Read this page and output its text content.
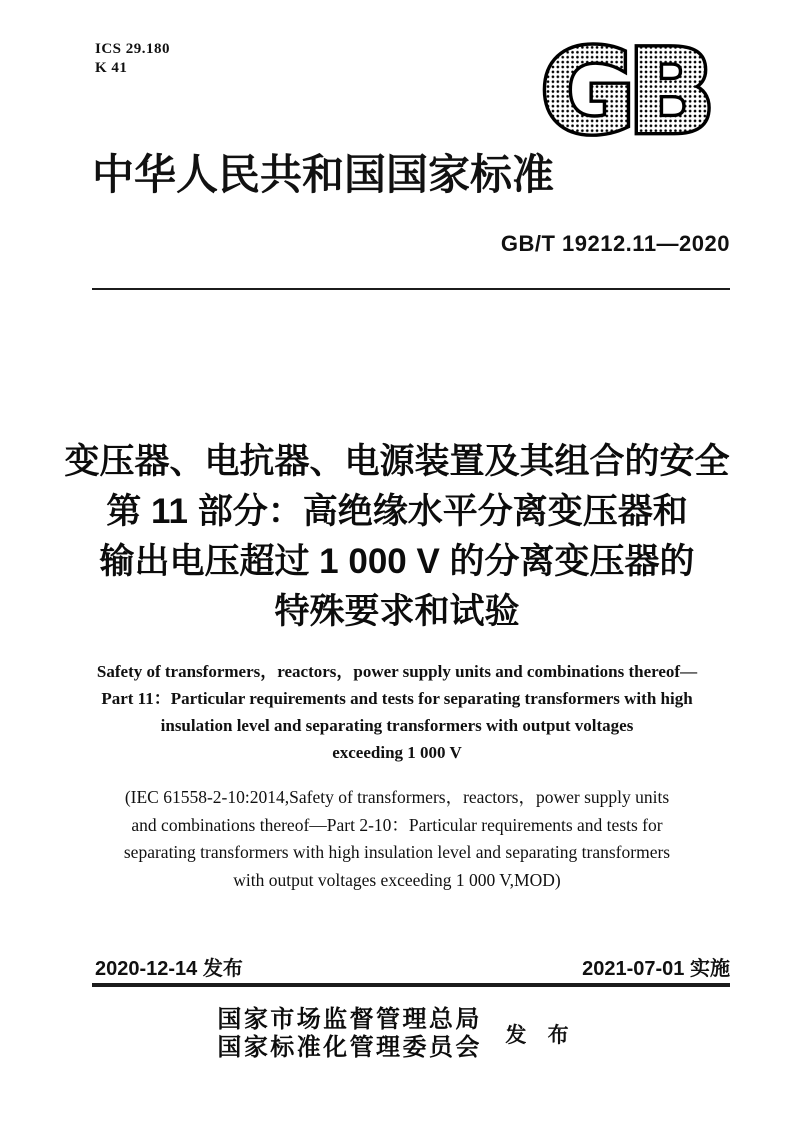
ICS 29.180
K 41	GB
中华人民共和国国家标准
GB/T 19212.11—2020
变压器、电抗器、电源装置及其组合的安全
第 11 部分：高绝缘水平分离变压器和
输出电压超过 1 000 V 的分离变压器的
特殊要求和试验
Safety of transformers，reactors，power supply units and combinations thereof—
Part 11：Particular requirements and tests for separating transformers with high
insulation level and separating transformers with output voltages
exceeding 1 000 V
(IEC 61558-2-10:2014,Safety of transformers，reactors，power supply units
and combinations thereof—Part 2-10：Particular requirements and tests for
separating transformers with high insulation level and separating transformers
with output voltages exceeding 1 000 V,MOD)
2020-12-14 发布	2021-07-01 实施
国家市场监督管理总局
国家标准化管理委员会 发 布
